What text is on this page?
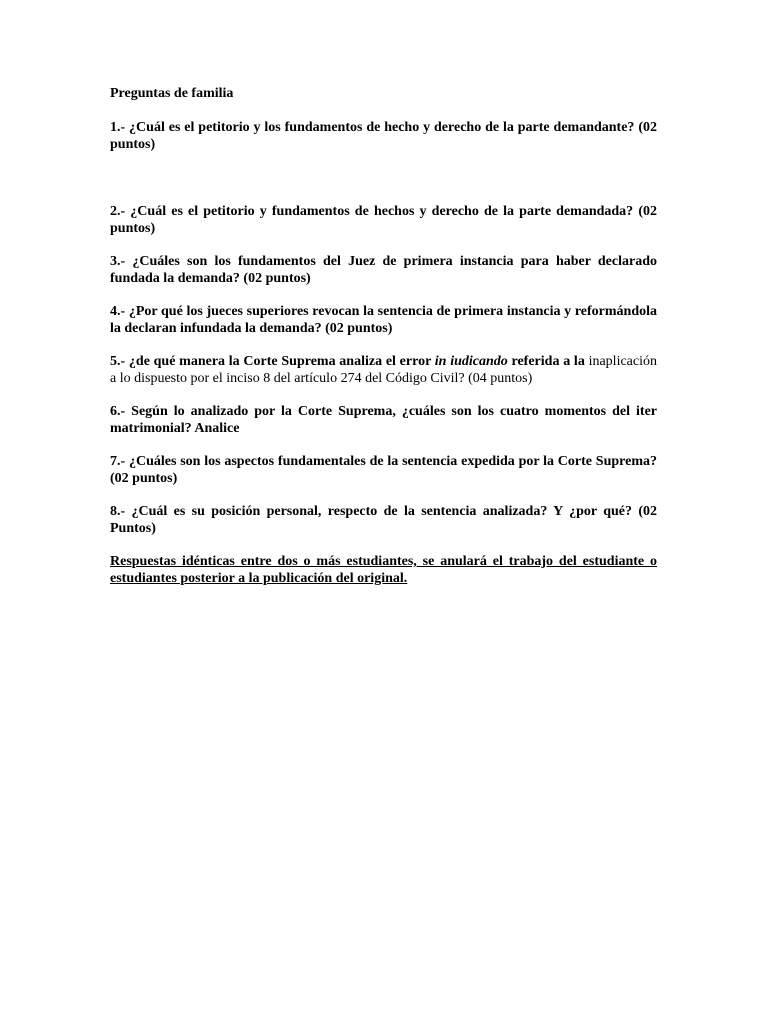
Preguntas de familia

1.- ¿Cuál es el petitorio y los fundamentos de hecho y derecho de la parte demandante? (02 puntos)

2.- ¿Cuál es el petitorio y fundamentos de hechos y derecho de la parte demandada? (02 puntos)

3.- ¿Cuáles son los fundamentos del Juez de primera instancia para haber declarado fundada la demanda? (02 puntos)

4.- ¿Por qué los jueces superiores revocan la sentencia de primera instancia y reformándola la declaran infundada la demanda? (02 puntos)

5.- ¿de qué manera la Corte Suprema analiza el error in iudicando referida a la inaplicación a lo dispuesto por el inciso 8 del artículo 274 del Código Civil? (04 puntos)

6.- Según lo analizado por la Corte Suprema, ¿cuáles son los cuatro momentos del iter matrimonial? Analice

7.- ¿Cuáles son los aspectos fundamentales de la sentencia expedida por la Corte Suprema? (02 puntos)

8.- ¿Cuál es su posición personal, respecto de la sentencia analizada? Y ¿por qué? (02 Puntos)

Respuestas idénticas entre dos o más estudiantes, se anulará el trabajo del estudiante o estudiantes posterior a la publicación del original.
